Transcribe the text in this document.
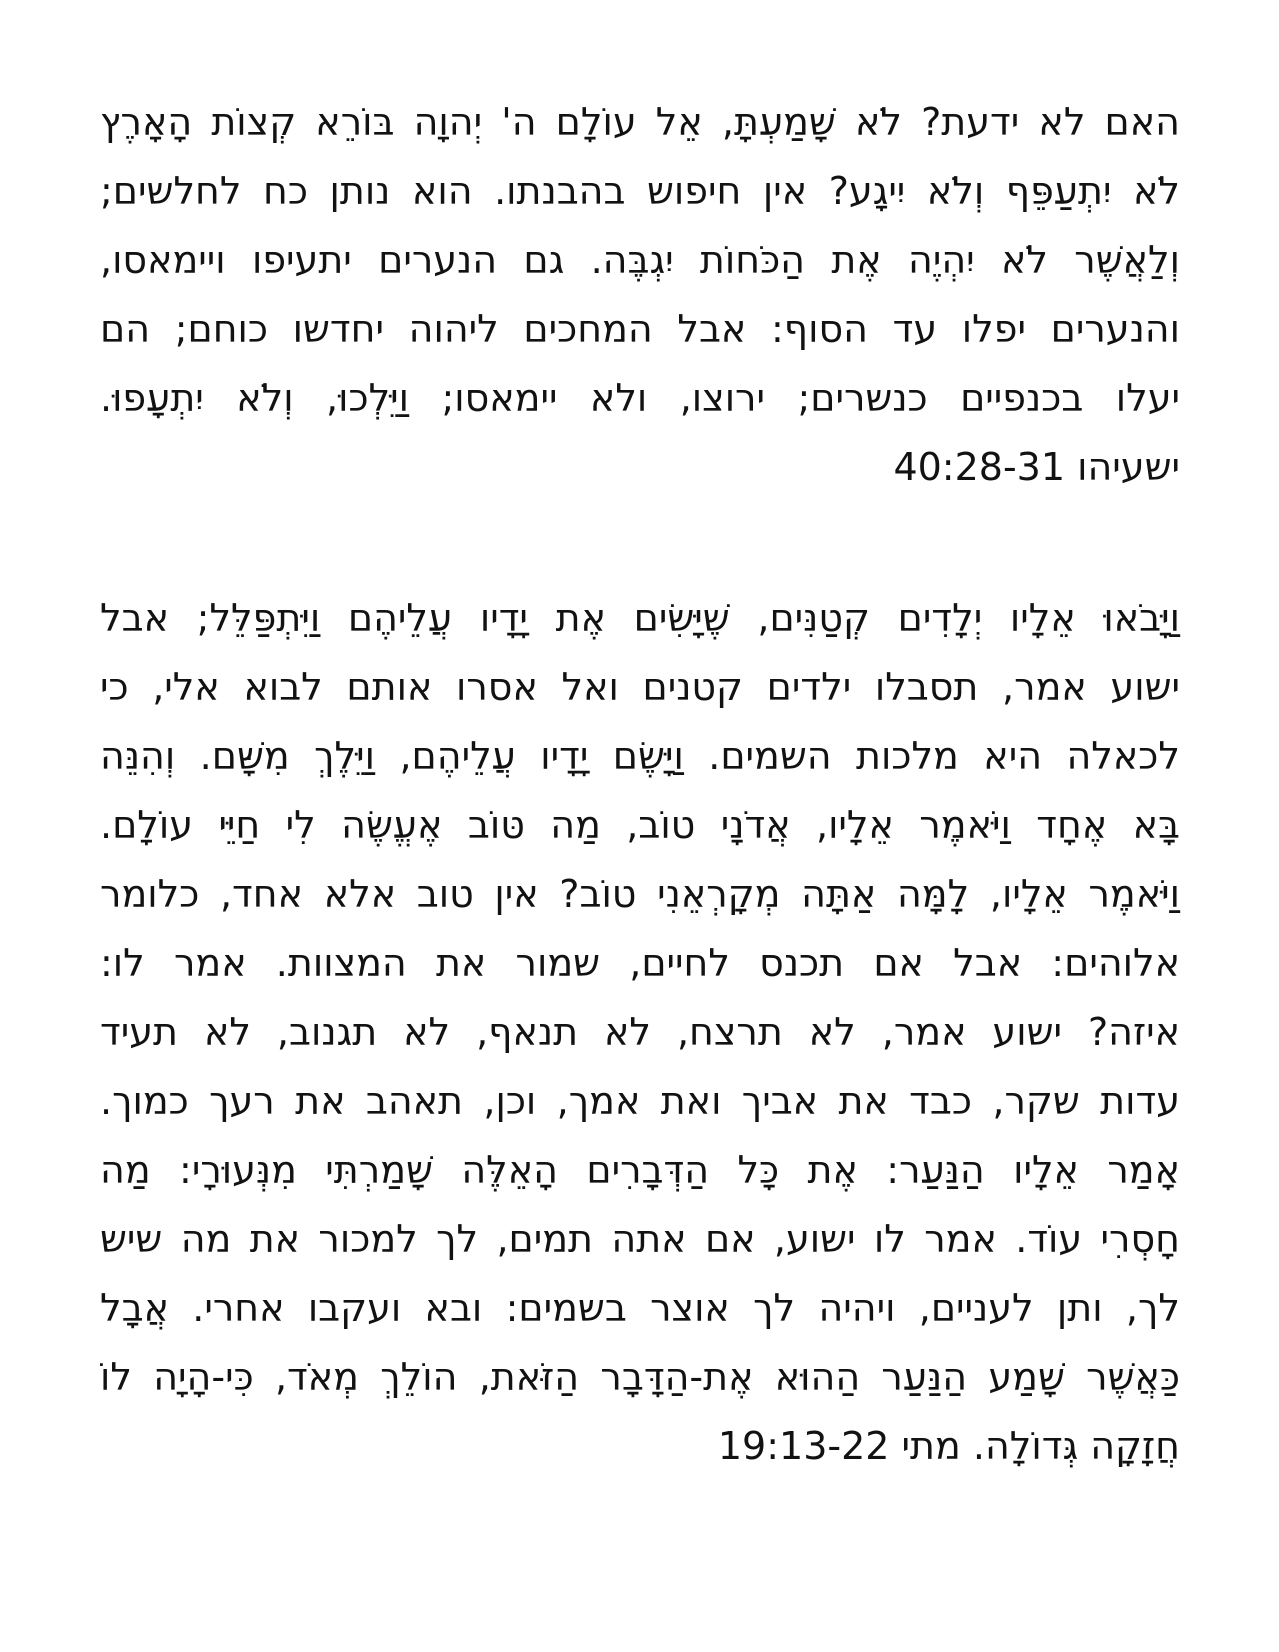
האם לא ידעת? לֹא שָׁמַעְתָּ, אֵל עוֹלָם ה' יְהוָה בּוֹרֵא קְצוֹת הָאָרֶץ
לֹא יִתְעַפֵּף וְלֹא יִיגָע? אין חיפוש בהבנתו. הוא נותן כח לחלשים;
וְלַאֲשֶׁר לֹא יִהְיֶה אֶת הַכֹּחוֹת יִגְבֶּה. גם הנערים יתעיפו ויימאסו,
והנערים יפלו עד הסוף: אבל המחכים ליהוה יחדשו כוחם; הם
יעלו בכנפיים כנשרים; ירוצו, ולא יימאסו; וַיֵּלְכוּ, וְלֹא יִתְעָפוּ.
ישעיהו 40:28-31
וַיָּבֹאוּ אֵלָיו יְלָדִים קְטַנִּים, שֶׁיָּשִׂים אֶת יָדָיו עֲלֵיהֶם וַיִּתְפַּלֵּל; אבל
ישוע אמר, תסבלו ילדים קטנים ואל אסרו אותם לבוא אלי, כי
לכאלה היא מלכות השמים. וַיָּשֶׂם יָדָיו עֲלֵיהֶם, וַיֵּלֶךְ מִשָּׁם. וְהִנֵּה
בָּא אֶחָד וַיֹּאמֶר אֵלָיו, אֲדֹנָי טוֹב, מַה טּוֹב אֶעֱשֶׂה לִי חַיֵּי עוֹלָם.
וַיֹּאמֶר אֵלָיו, לָמָּה אַתָּה מְקָרְאֵנִי טוֹב? אין טוב אלא אחד, כלומר
אלוהים: אבל אם תכנס לחיים, שמור את המצוות. אמר לו:
איזה? ישוע אמר, לא תרצח, לא תנאף, לא תגנוב, לא תעיד
עדות שקר, כבד את אביך ואת אמך, וכן, תאהב את רעך כמוך.
אָמַר אֵלָיו הַנַּעַר: אֶת כָּל הַדְּבָרִים הָאֵלֶּה שָׁמַרְתִּי מִנְּעוּרָי: מַה
חָסְרִי עוֹד. אמר לו ישוע, אם אתה תמים, לך למכור את מה שיש
לך, ותן לעניים, ויהיה לך אוצר בשמים: ובא ועקבו אחרי. אֲבָל
כַּאֲשֶׁר שָׁמַע הַנַּעַר הַהוּא אֶת-הַדָּבָר הַזֹּאת, הוֹלֵךְ מְאֹד, כִּי-הָיָה לוֹ
חֲזָקָה גְּדוֹלָה. מתי 19:13-22
